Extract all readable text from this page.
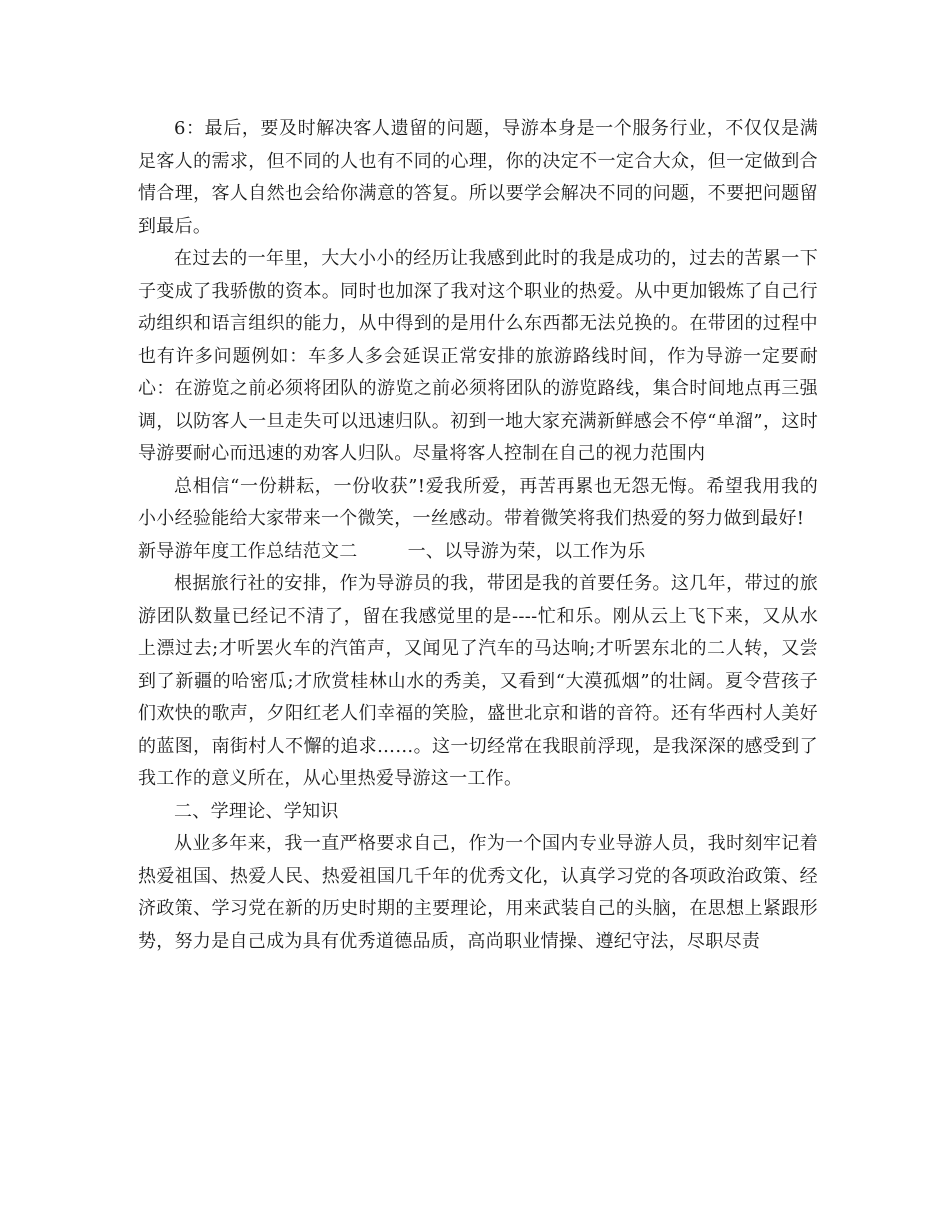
6：最后，要及时解决客人遗留的问题，导游本身是一个服务行业，不仅仅是满足客人的需求，但不同的人也有不同的心理，你的决定不一定合大众，但一定做到合情合理，客人自然也会给你满意的答复。所以要学会解决不同的问题，不要把问题留到最后。

在过去的一年里，大大小小的经历让我感到此时的我是成功的，过去的苦累一下子变成了我骄傲的资本。同时也加深了我对这个职业的热爱。从中更加锻炼了自己行动组织和语言组织的能力，从中得到的是用什么东西都无法兑换的。在带团的过程中也有许多问题例如：车多人多会延误正常安排的旅游路线时间，作为导游一定要耐心：在游览之前必须将团队的游览之前必须将团队的游览路线，集合时间地点再三强调，以防客人一旦走失可以迅速归队。初到一地大家充满新鲜感会不停“单溜”，这时导游要耐心而迅速的劝客人归队。尽量将客人控制在自己的视力范围内

总相信“一份耕耘，一份收获”!爱我所爱，再苦再累也无怨无悔。希望我用我的小小经验能给大家带来一个微笑，一丝感动。带着微笑将我们热爱的努力做到最好!

新导游年度工作总结范文二	一、以导游为荣，以工作为乐

根据旅行社的安排，作为导游员的我，带团是我的首要任务。这几年，带过的旅游团队数量已经记不清了，留在我感觉里的是----忙和乐。刚从云上飞下来，又从水上漂过去;才听罢火车的汽笛声，又闻见了汽车的马达响;才听罢东北的二人转，又尝到了新疆的哈密瓜;才欣赏桂林山水的秀美，又看到“大漠孤烟”的壮阔。夏令营孩子们欢快的歌声，夕阳红老人们幸福的笑脸，盛世北京和谐的音符。还有华西村人美好的蓝图，南街村人不懈的追求……。这一切经常在我眼前浮现，是我深深的感受到了我工作的意义所在，从心里热爱导游这一工作。

二、学理论、学知识

从业多年来，我一直严格要求自己，作为一个国内专业导游人员，我时刻牢记着热爱祖国、热爱人民、热爱祖国几千年的优秀文化，认真学习党的各项政治政策、经济政策、学习党在新的历史时期的主要理论，用来武装自己的头脑，在思想上紧跟形势，努力是自己成为具有优秀道德品质，高尚职业情操、遵纪守法，尽职尽责
